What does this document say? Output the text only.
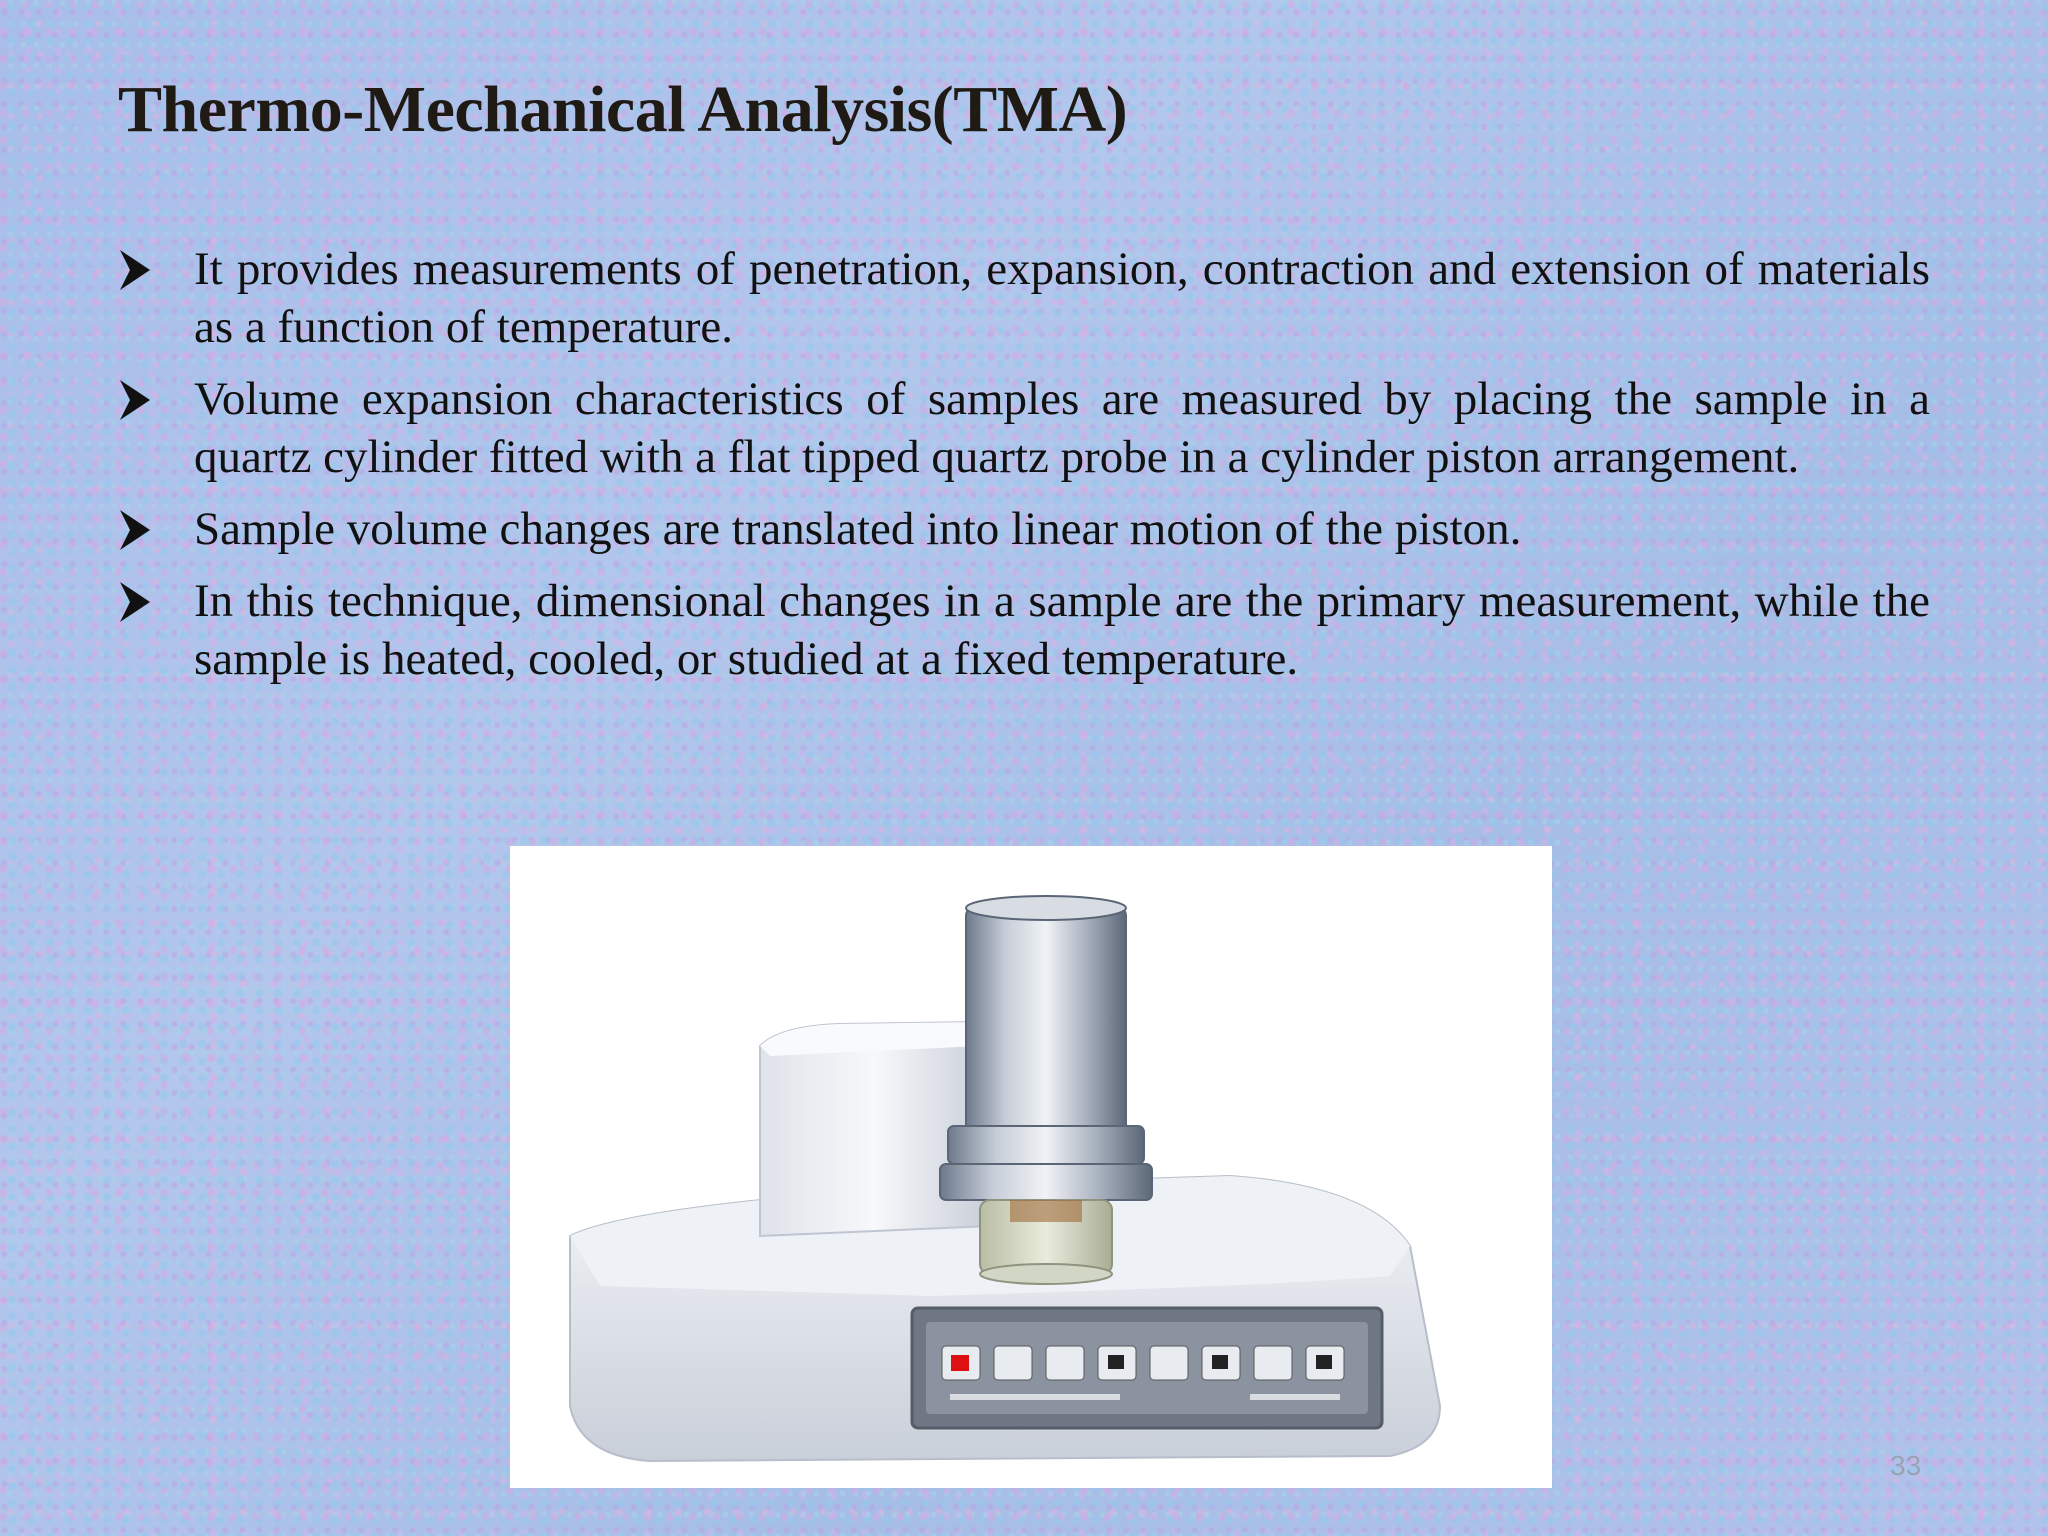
Thermo-Mechanical Analysis(TMA)
It provides measurements of penetration, expansion, contraction and extension of materials as a function of temperature.
Volume expansion characteristics of samples are measured by placing the sample in a quartz cylinder fitted with a flat tipped quartz probe in a cylinder piston arrangement.
Sample volume changes are translated into linear motion of the piston.
In this technique, dimensional changes in a sample are the primary measurement, while the sample is heated, cooled, or studied at a fixed temperature.
33
